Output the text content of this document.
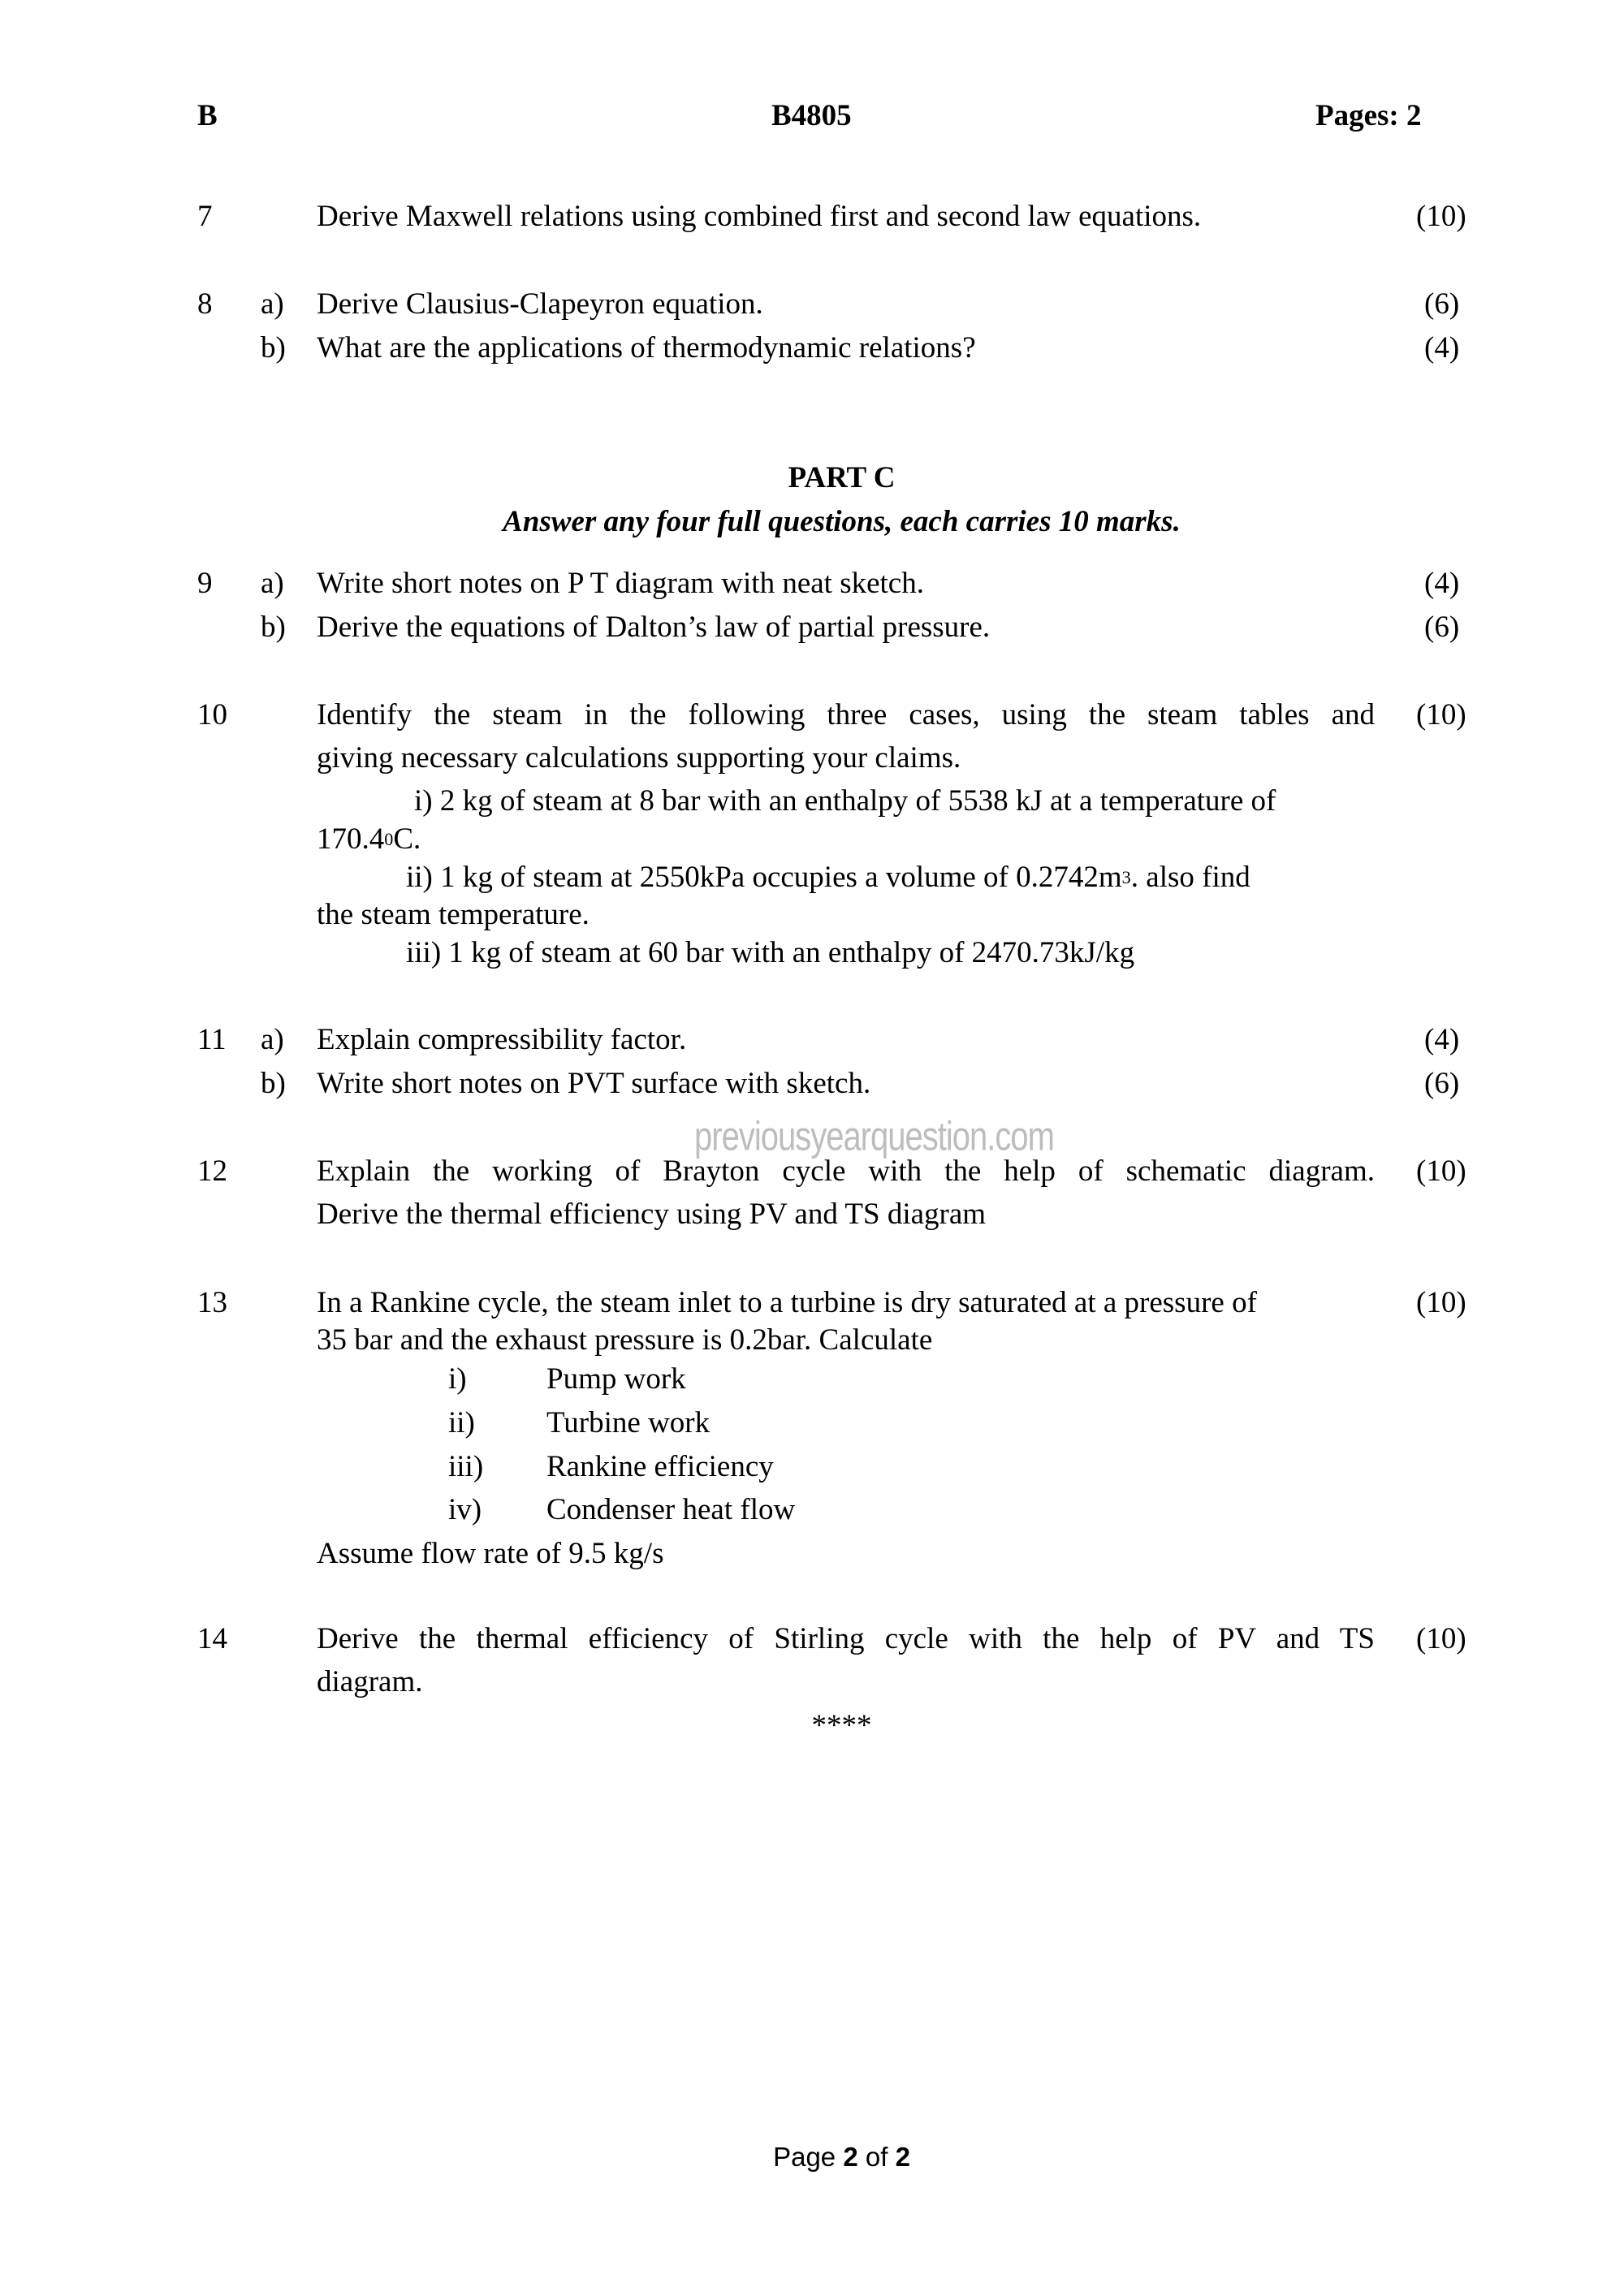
B	B4805	Pages: 2
7	Derive Maxwell relations using combined first and second law equations.	(10)
8 a) Derive Clausius-Clapeyron equation.	(6)
b) What are the applications of thermodynamic relations?	(4)
PART C
Answer any four full questions, each carries 10 marks.
9 a) Write short notes on P T diagram with neat sketch.	(4)
b) Derive the equations of Dalton’s law of partial pressure.	(6)
10	Identify the steam in the following three cases, using the steam tables and (10)
giving necessary calculations supporting your claims.
i) 2 kg of steam at 8 bar with an enthalpy of 5538 kJ at a temperature of
170.4$^0$C.
ii) 1 kg of steam at 2550kPa occupies a volume of $0.2742m^3$. also find
the steam temperature.
iii) 1 kg of steam at 60 bar with an enthalpy of 2470.73kJ/kg
11 a) Explain compressibility factor.	(4)
b) Write short notes on PVT surface with sketch.	(6)
previousyearquestion.com
12	Explain the working of Brayton cycle with the help of schematic diagram. (10)
Derive the thermal efficiency using PV and TS diagram
13	In a Rankine cycle, the steam inlet to a turbine is dry saturated at a pressure of	(10)
35 bar and the exhaust pressure is 0.2bar. Calculate
i)	Pump work
ii) Turbine work
iii) Rankine efficiency
iv) Condenser heat flow
Assume flow rate of 9.5 kg/s
14	Derive the thermal efficiency of Stirling cycle with the help of PV and TS (10)
diagram.
****
Page 2 of 2
